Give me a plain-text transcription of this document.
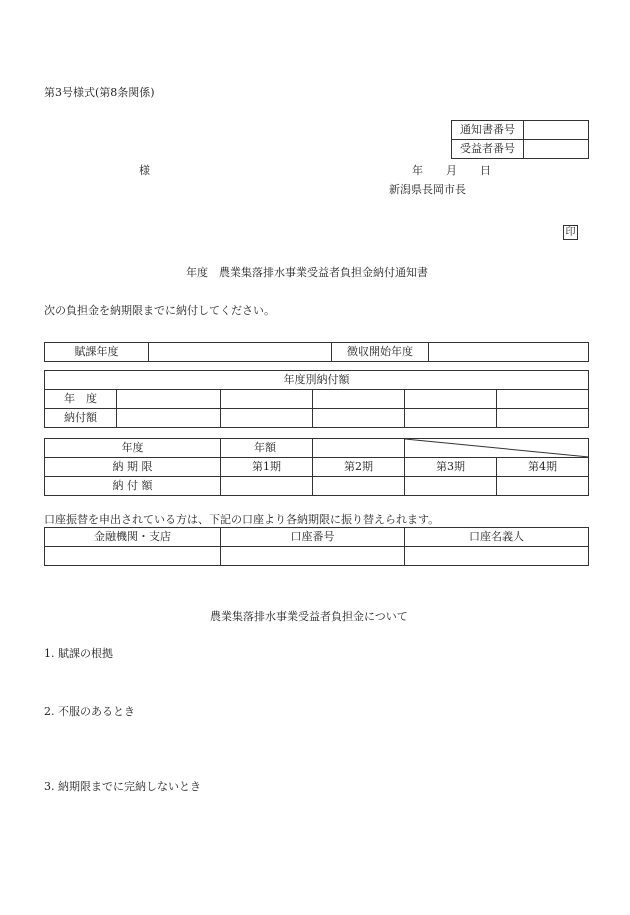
第3号様式(第8条関係)
通知書番号	
受益者番号	
様	年　月　日
新潟県長岡市長
印
年度　農業集落排水事業受益者負担金納付通知書
次の負担金を納期限までに納付してください。
賦課年度		徴収開始年度	
年度別納付額					
年　度					
納付額					
年度	年額		

納 期 限	第1期	第2期	第3期	第4期
納 付 額				
口座振替を申出されている方は、下記の口座より各納期限に振り替えられます。
金融機関・支店	口座番号	口座名義人

農業集落排水事業受益者負担金について
1. 賦課の根拠
2. 不服のあるとき
3. 納期限までに完納しないとき
